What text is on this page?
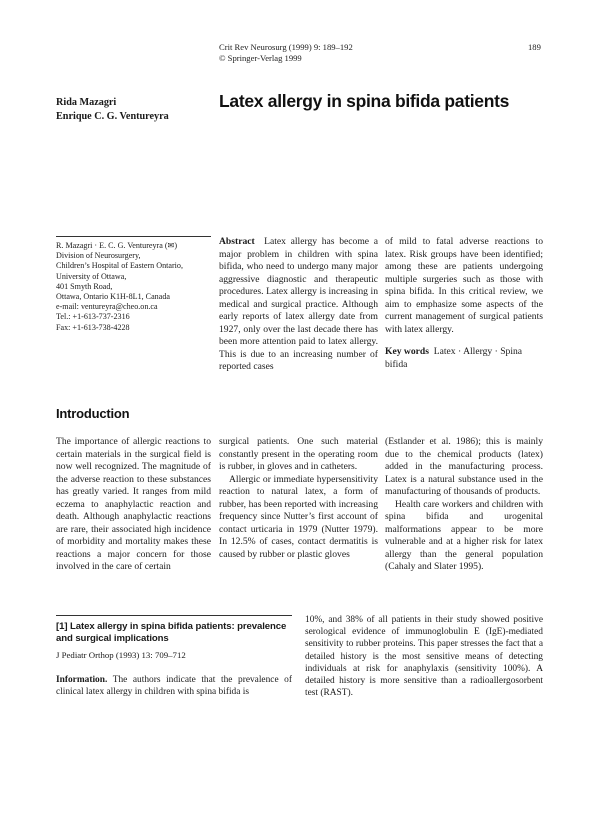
Crit Rev Neurosurg (1999) 9: 189–192
© Springer-Verlag 1999
189
Rida Mazagri
Enrique C. G. Ventureyra
Latex allergy in spina bifida patients
R. Mazagri · E. C. G. Ventureyra (✉)
Division of Neurosurgery,
Children’s Hospital of Eastern Ontario,
University of Ottawa,
401 Smyth Road,
Ottawa, Ontario K1H-8L1, Canada
e-mail: ventureyra@cheo.on.ca
Tel.: +1-613-737-2316
Fax: +1-613-738-4228

Abstract Latex allergy has become a major problem in children with spina bifida, who need to undergo many major aggressive diagnostic and therapeutic procedures. Latex allergy is increasing in medical and surgical practice. Although early reports of latex allergy date from 1927, only over the last decade there has been more attention paid to latex allergy. This is due to an increasing number of reported cases

of mild to fatal adverse reactions to latex. Risk groups have been identified; among these are patients undergoing multiple surgeries such as those with spina bifida. In this critical review, we aim to emphasize some aspects of the current management of surgical patients with latex allergy.

Key words Latex · Allergy · Spina bifida

Introduction

The importance of allergic reactions to certain materials in the surgical field is now well recognized. The magnitude of the adverse reaction to these substances has greatly varied. It ranges from mild eczema to anaphylactic reaction and death. Although anaphylactic reactions are rare, their associated high incidence of morbidity and mortality makes these reactions a major concern for those involved in the care of certain

surgical patients. One such material constantly present in the operating room is rubber, in gloves and in catheters.

Allergic or immediate hypersensitivity reaction to natural latex, a form of rubber, has been reported with increasing frequency since Nutter’s first account of contact urticaria in 1979 (Nutter 1979). In 12.5% of cases, contact dermatitis is caused by rubber or plastic gloves

(Estlander et al. 1986); this is mainly due to the chemical products (latex) added in the manufacturing process. Latex is a natural substance used in the manufacturing of thousands of products.

Health care workers and children with spina bifida and urogenital malformations appear to be more vulnerable and at a higher risk for latex allergy than the general population (Cahaly and Slater 1995).

[1] Latex allergy in spina bifida patients: prevalence and surgical implications
J Pediatr Orthop (1993) 13: 709–712

Information. The authors indicate that the prevalence of clinical latex allergy in children with spina bifida is

10%, and 38% of all patients in their study showed positive serological evidence of immunoglobulin E (IgE)-mediated sensitivity to rubber proteins. This paper stresses the fact that a detailed history is the most sensitive means of detecting individuals at risk for anaphylaxis (sensitivity 100%). A detailed history is more sensitive than a radioallergosorbent test (RAST).
